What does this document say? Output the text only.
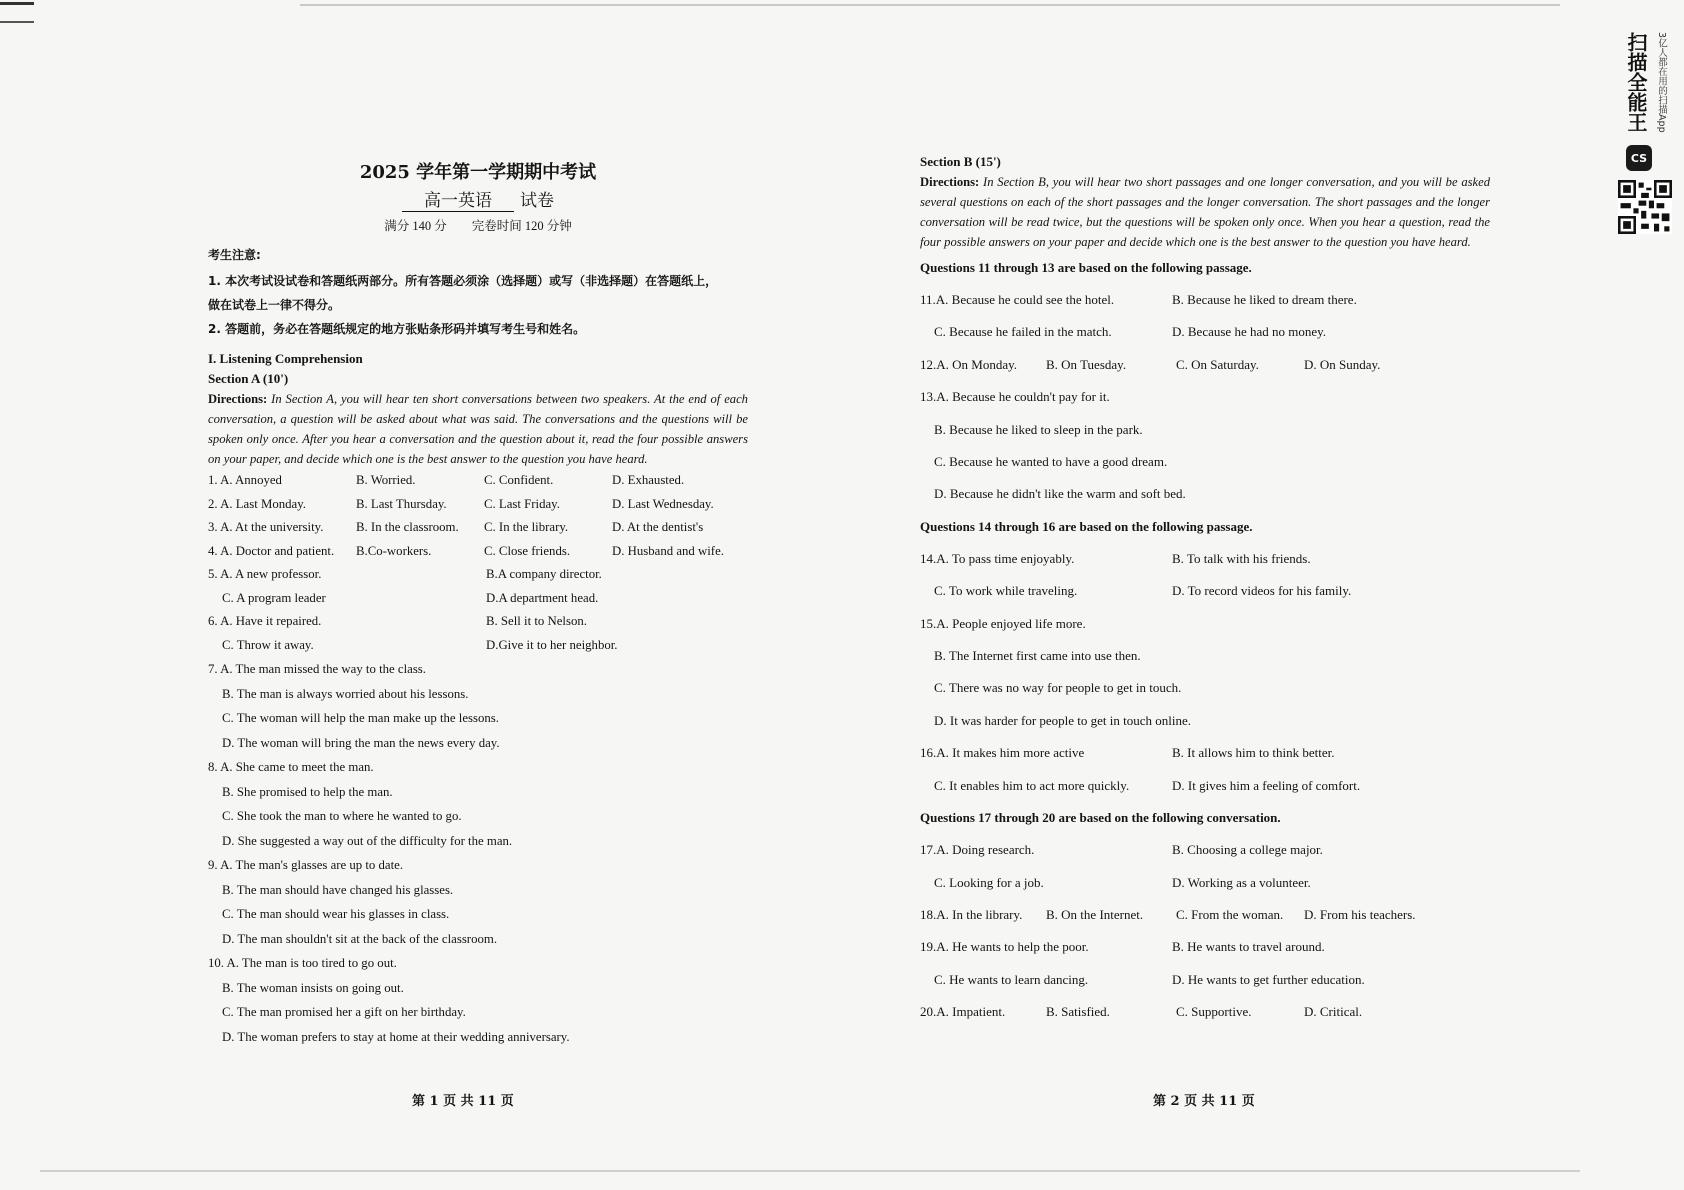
2025 学年第一学期期中考试
高一英语 试卷
满分 140 分　　完卷时间 120 分钟
考生注意:
1. 本次考试设试卷和答题纸两部分。所有答题必须涂（选择题）或写（非选择题）在答题纸上，
做在试卷上一律不得分。
2. 答题前，务必在答题纸规定的地方张贴条形码并填写考生号和姓名。
I. Listening Comprehension
Section A (10')
Directions: In Section A, you will hear ten short conversations between two speakers. At the end of each conversation, a question will be asked about what was said. The conversations and the questions will be spoken only once. After you hear a conversation and the question about it, read the four possible answers on your paper, and decide which one is the best answer to the question you have heard.
1. A. Annoyed	B. Worried.	C. Confident.	D. Exhausted.
2. A. Last Monday.	B. Last Thursday.	C. Last Friday.	D. Last Wednesday.
3. A. At the university.	B. In the classroom.	C. In the library.	D. At the dentist's
4. A. Doctor and patient.	B.Co-workers.	C. Close friends.	D. Husband and wife.
5. A. A new professor.	B.A company director.
C. A program leader	D.A department head.
6. A. Have it repaired.	B. Sell it to Nelson.
C. Throw it away.	D.Give it to her neighbor.
7. A. The man missed the way to the class.
B. The man is always worried about his lessons.
C. The woman will help the man make up the lessons.
D. The woman will bring the man the news every day.
8. A. She came to meet the man.
B. She promised to help the man.
C. She took the man to where he wanted to go.
D. She suggested a way out of the difficulty for the man.
9. A. The man's glasses are up to date.
B. The man should have changed his glasses.
C. The man should wear his glasses in class.
D. The man shouldn't sit at the back of the classroom.
10. A. The man is too tired to go out.
B. The woman insists on going out.
C. The man promised her a gift on her birthday.
D. The woman prefers to stay at home at their wedding anniversary.
Section B (15')
Directions: In Section B, you will hear two short passages and one longer conversation, and you will be asked several questions on each of the short passages and the longer conversation. The short passages and the longer conversation will be read twice, but the questions will be spoken only once. When you hear a question, read the four possible answers on your paper and decide which one is the best answer to the question you have heard.
Questions 11 through 13 are based on the following passage.
11.A. Because he could see the hotel.	B. Because he liked to dream there.
C. Because he failed in the match.	D. Because he had no money.
12.A. On Monday.	B. On Tuesday.	C. On Saturday.	D. On Sunday.
13.A. Because he couldn't pay for it.
B. Because he liked to sleep in the park.
C. Because he wanted to have a good dream.
D. Because he didn't like the warm and soft bed.
Questions 14 through 16 are based on the following passage.
14.A. To pass time enjoyably.	B. To talk with his friends.
C. To work while traveling.	D. To record videos for his family.
15.A. People enjoyed life more.
B. The Internet first came into use then.
C. There was no way for people to get in touch.
D. It was harder for people to get in touch online.
16.A. It makes him more active	B. It allows him to think better.
C. It enables him to act more quickly.	D. It gives him a feeling of comfort.
Questions 17 through 20 are based on the following conversation.
17.A. Doing research.	B. Choosing a college major.
C. Looking for a job.	D. Working as a volunteer.
18.A. In the library.	B. On the Internet.	C. From the woman.	D. From his teachers.
19.A. He wants to help the poor.	B. He wants to travel around.
C. He wants to learn dancing.	D. He wants to get further education.
20.A. Impatient.	B. Satisfied.	C. Supportive.	D. Critical.
第 1 页 共 11 页	第 2 页 共 11 页
扫描全能王 3亿人都在用的扫描App
CS
